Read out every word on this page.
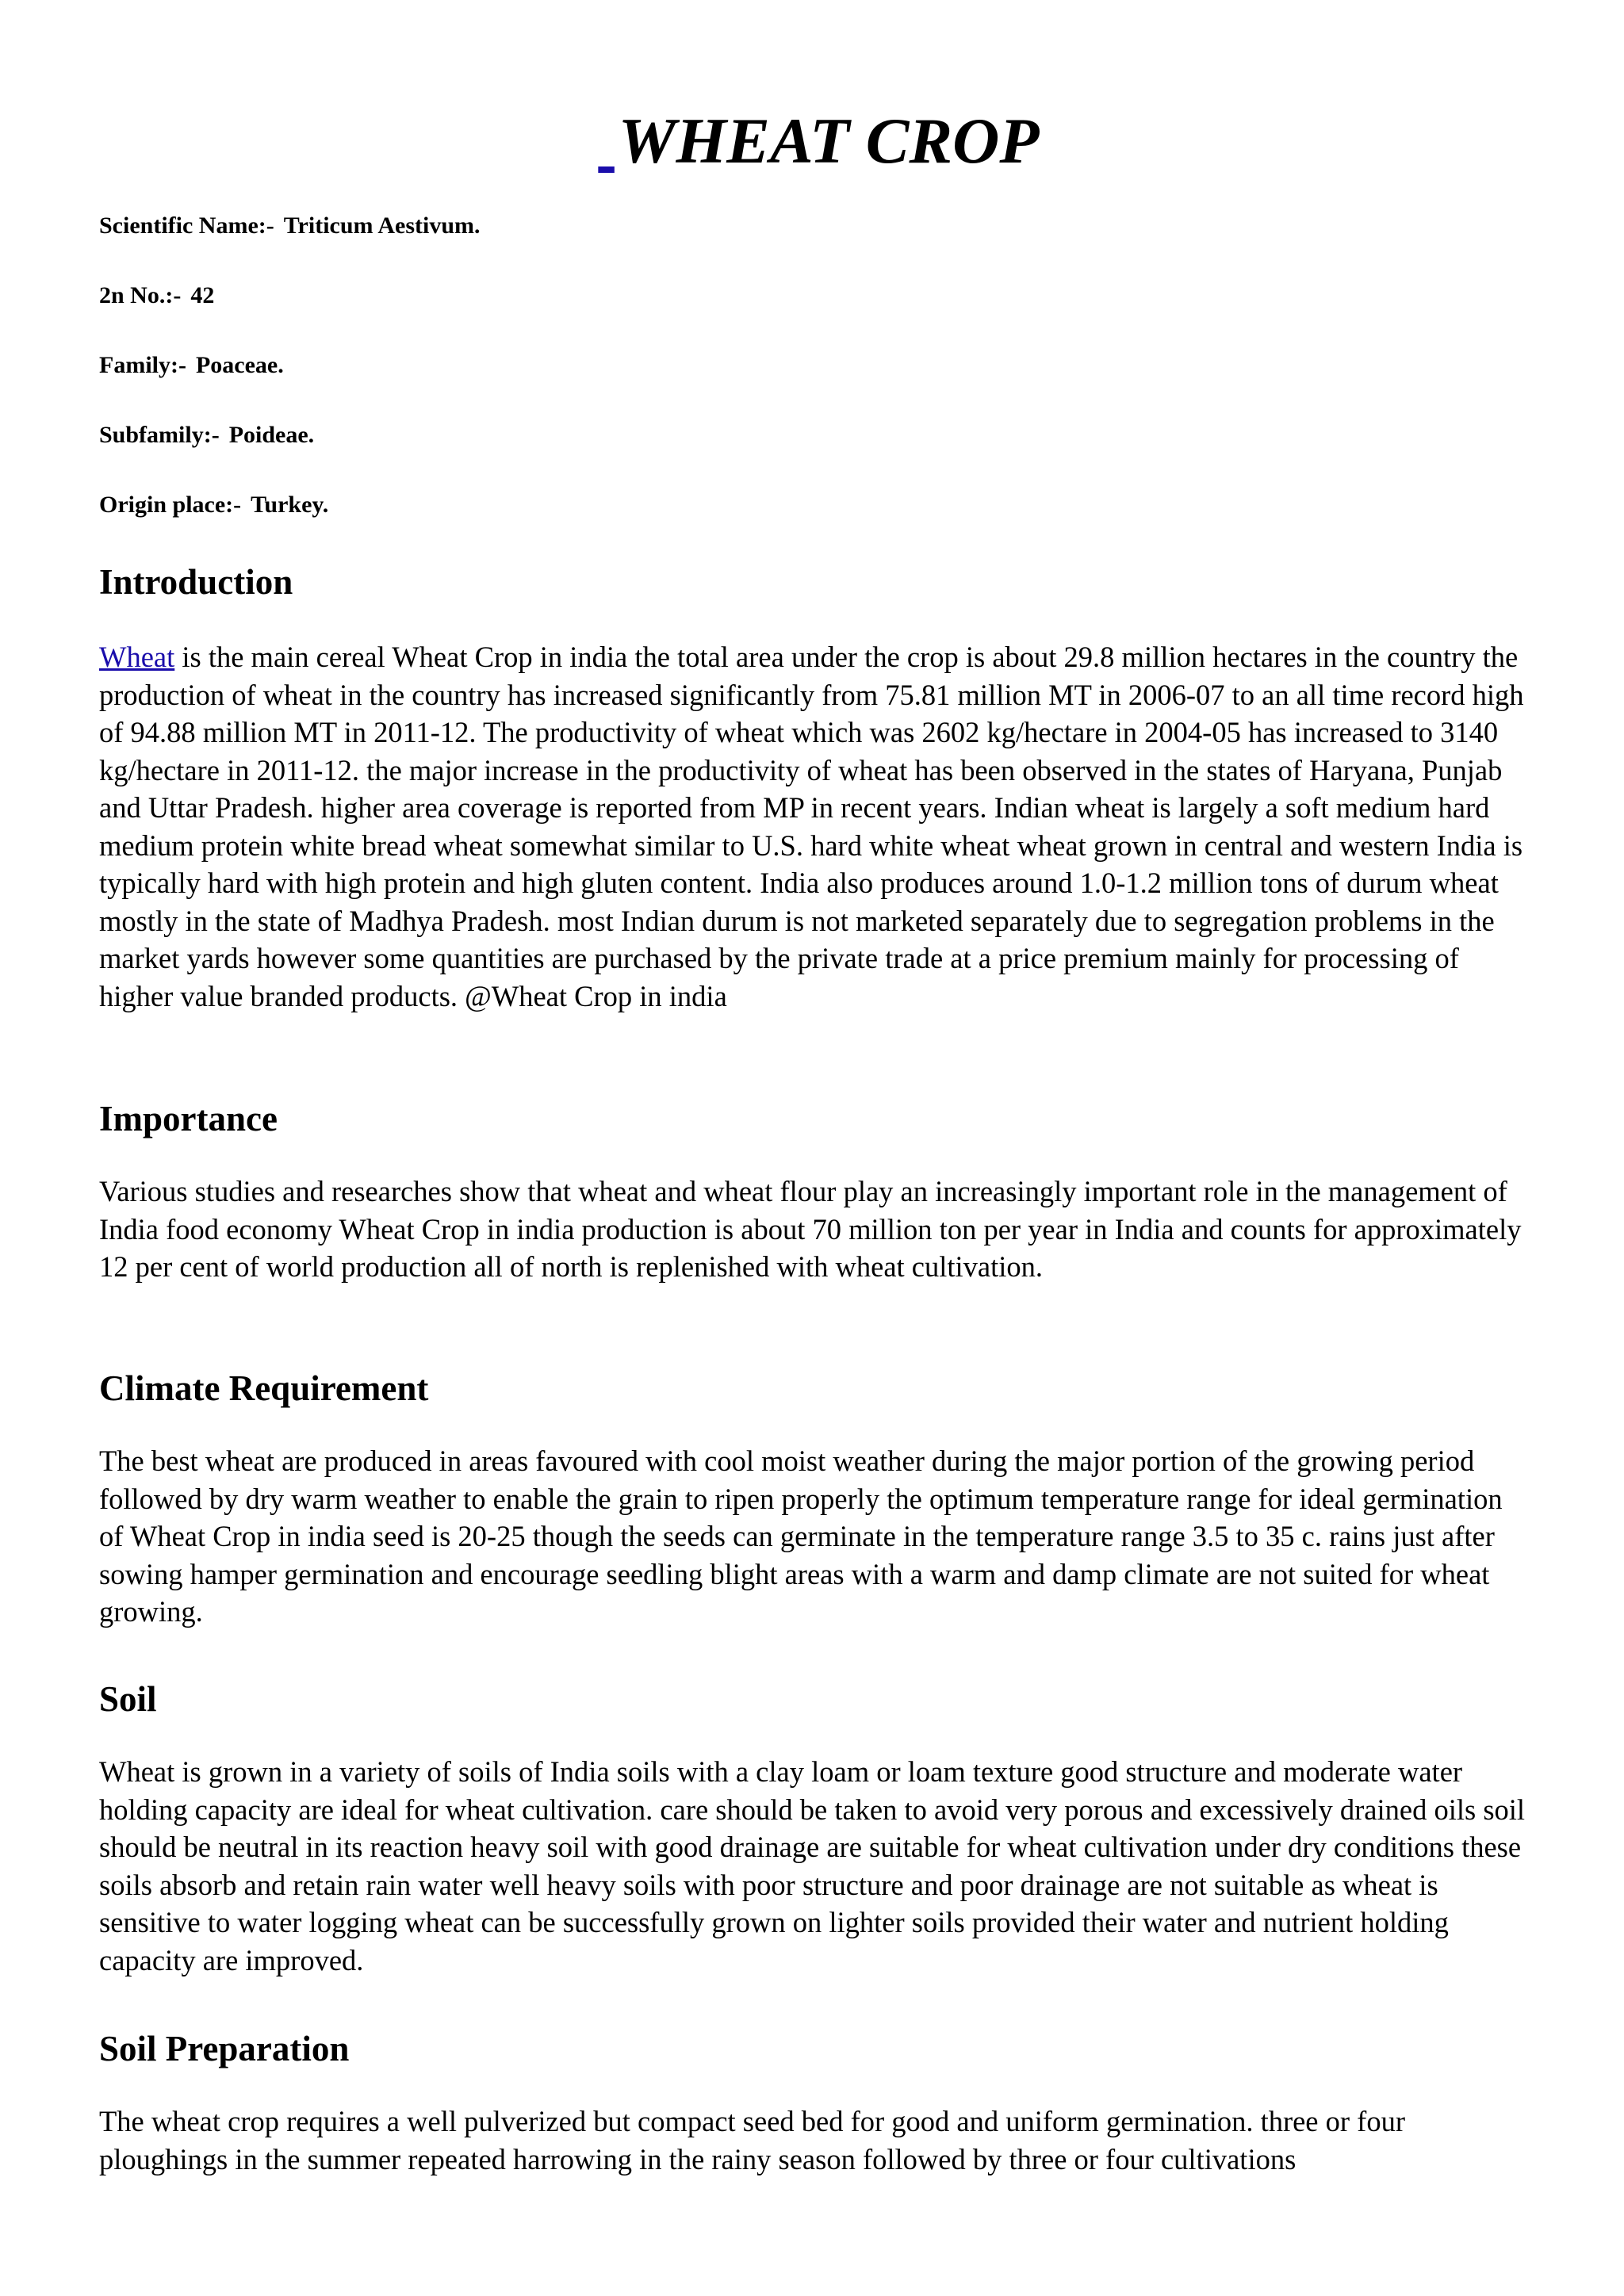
WHEAT CROP
Scientific Name:- Triticum Aestivum.
2n No.:- 42
Family:- Poaceae.
Subfamily:- Poideae.
Origin place:- Turkey.
Introduction

Wheat is the main cereal Wheat Crop in india the total area under the crop is about 29.8 million hectares in the country the production of wheat in the country has increased significantly from 75.81 million MT in 2006-07 to an all time record high of 94.88 million MT in 2011-12. The productivity of wheat which was 2602 kg/hectare in 2004-05 has increased to 3140 kg/hectare in 2011-12. the major increase in the productivity of wheat has been observed in the states of Haryana, Punjab and Uttar Pradesh. higher area coverage is reported from MP in recent years. Indian wheat is largely a soft medium hard medium protein white bread wheat somewhat similar to U.S. hard white wheat wheat grown in central and western India is typically hard with high protein and high gluten content. India also produces around 1.0-1.2 million tons of durum wheat mostly in the state of Madhya Pradesh. most Indian durum is not marketed separately due to segregation problems in the market yards however some quantities are purchased by the private trade at a price premium mainly for processing of higher value branded products. @Wheat Crop in india

Importance

Various studies and researches show that wheat and wheat flour play an increasingly important role in the management of India food economy Wheat Crop in india production is about 70 million ton per year in India and counts for approximately 12 per cent of world production all of north is replenished with wheat cultivation.

Climate Requirement

The best wheat are produced in areas favoured with cool moist weather during the major portion of the growing period followed by dry warm weather to enable the grain to ripen properly the optimum temperature range for ideal germination of Wheat Crop in india seed is 20-25 though the seeds can germinate in the temperature range 3.5 to 35 c. rains just after sowing hamper germination and encourage seedling blight areas with a warm and damp climate are not suited for wheat growing.

Soil

Wheat is grown in a variety of soils of India soils with a clay loam or loam texture good structure and moderate water holding capacity are ideal for wheat cultivation. care should be taken to avoid very porous and excessively drained oils soil should be neutral in its reaction heavy soil with good drainage are suitable for wheat cultivation under dry conditions these soils absorb and retain rain water well heavy soils with poor structure and poor drainage are not suitable as wheat is sensitive to water logging wheat can be successfully grown on lighter soils provided their water and nutrient holding capacity are improved.

Soil Preparation

The wheat crop requires a well pulverized but compact seed bed for good and uniform germination. three or four ploughings in the summer repeated harrowing in the rainy season followed by three or four cultivations
